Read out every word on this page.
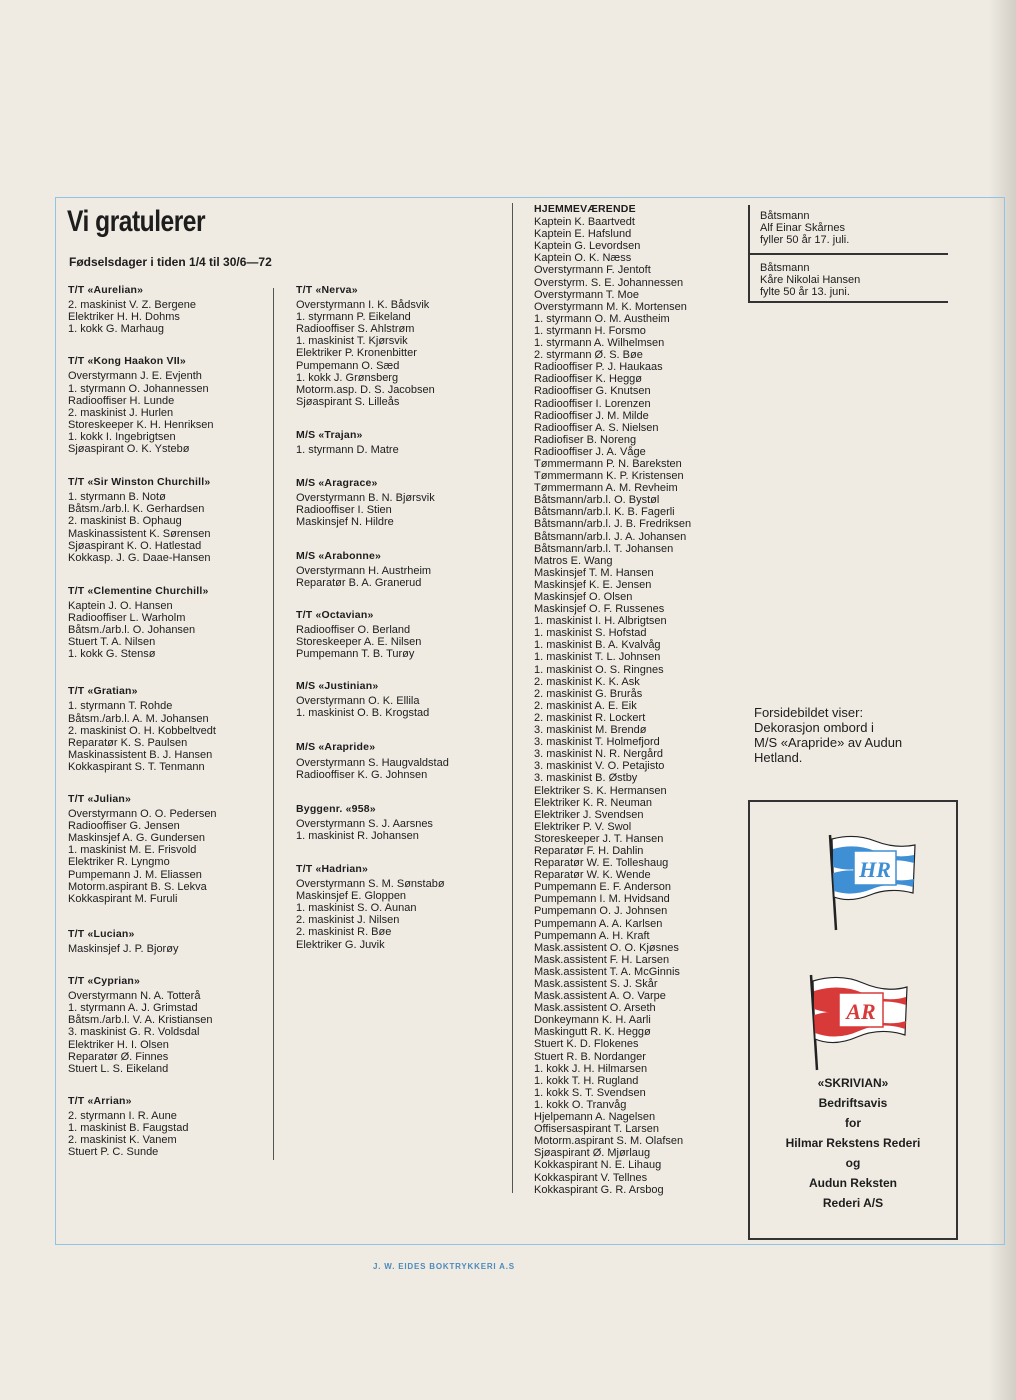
Vi gratulerer
Fødselsdager i tiden 1/4 til 30/6—72
T/T «Aurelian»
2. maskinist V. Z. Bergene
Elektriker H. H. Dohms
1. kokk G. Marhaug
T/T «Kong Haakon VII»
Overstyrmann J. E. Evjenth
1. styrmann O. Johannessen
Radiooffiser H. Lunde
2. maskinist J. Hurlen
Storeskeeper K. H. Henriksen
1. kokk I. Ingebrigtsen
Sjøaspirant O. K. Ystebø
T/T «Sir Winston Churchill»
1. styrmann B. Notø
Båtsm./arb.l. K. Gerhardsen
2. maskinist B. Ophaug
Maskinassistent K. Sørensen
Sjøaspirant K. O. Hatlestad
Kokkasp. J. G. Daae-Hansen
T/T «Clementine Churchill»
Kaptein J. O. Hansen
Radiooffiser L. Warholm
Båtsm./arb.l. O. Johansen
Stuert T. A. Nilsen
1. kokk G. Stensø
T/T «Gratian»
1. styrmann T. Rohde
Båtsm./arb.l. A. M. Johansen
2. maskinist O. H. Kobbeltvedt
Reparatør K. S. Paulsen
Maskinassistent B. J. Hansen
Kokkaspirant S. T. Tenmann
T/T «Julian»
Overstyrmann O. O. Pedersen
Radiooffiser G. Jensen
Maskinsjef A. G. Gundersen
1. maskinist M. E. Frisvold
Elektriker R. Lyngmo
Pumpemann J. M. Eliassen
Motorm.aspirant B. S. Lekva
Kokkaspirant M. Furuli
T/T «Lucian»
Maskinsjef J. P. Bjorøy
T/T «Cyprian»
Overstyrmann N. A. Totterå
1. styrmann A. J. Grimstad
Båtsm./arb.l. V. A. Kristiansen
3. maskinist G. R. Voldsdal
Elektriker H. I. Olsen
Reparatør Ø. Finnes
Stuert L. S. Eikeland
T/T «Arrian»
2. styrmann I. R. Aune
1. maskinist B. Faugstad
2. maskinist K. Vanem
Stuert P. C. Sunde
T/T «Nerva»
Overstyrmann I. K. Bådsvik
1. styrmann P. Eikeland
Radiooffiser S. Ahlstrøm
1. maskinist T. Kjørsvik
Elektriker P. Kronenbitter
Pumpemann O. Sæd
1. kokk J. Grønsberg
Motorm.asp. D. S. Jacobsen
Sjøaspirant S. Lilleås
M/S «Trajan»
1. styrmann D. Matre
M/S «Aragrace»
Overstyrmann B. N. Bjørsvik
Radiooffiser I. Stien
Maskinsjef N. Hildre
M/S «Arabonne»
Overstyrmann H. Austrheim
Reparatør B. A. Granerud
T/T «Octavian»
Radiooffiser O. Berland
Storeskeeper A. E. Nilsen
Pumpemann T. B. Turøy
M/S «Justinian»
Overstyrmann O. K. Ellila
1. maskinist O. B. Krogstad
M/S «Arapride»
Overstyrmann S. Haugvaldstad
Radiooffiser K. G. Johnsen
Byggenr. «958»
Overstyrmann S. J. Aarsnes
1. maskinist R. Johansen
T/T «Hadrian»
Overstyrmann S. M. Sønstabø
Maskinsjef E. Gloppen
1. maskinist S. O. Aunan
2. maskinist J. Nilsen
2. maskinist R. Bøe
Elektriker G. Juvik
HJEMMEVÆRENDE
Kaptein K. Baartvedt
Kaptein E. Hafslund
Kaptein G. Levordsen
Kaptein O. K. Næss
Overstyrmann F. Jentoft
Overstyrm. S. E. Johannessen
Overstyrmann T. Moe
Overstyrmann M. K. Mortensen
1. styrmann O. M. Austheim
1. styrmann H. Forsmo
1. styrmann A. Wilhelmsen
2. styrmann Ø. S. Bøe
Radiooffiser P. J. Haukaas
Radiooffiser K. Heggø
Radiooffiser G. Knutsen
Radiooffiser I. Lorenzen
Radiooffiser J. M. Milde
Radiooffiser A. S. Nielsen
Radiofiser B. Noreng
Radiooffiser J. A. Våge
Tømmermann P. N. Bareksten
Tømmermann K. P. Kristensen
Tømmermann A. M. Revheim
Båtsmann/arb.l. O. Bystøl
Båtsmann/arb.l. K. B. Fagerli
Båtsmann/arb.l. J. B. Fredriksen
Båtsmann/arb.l. J. A. Johansen
Båtsmann/arb.l. T. Johansen
Matros E. Wang
Maskinsjef T. M. Hansen
Maskinsjef K. E. Jensen
Maskinsjef O. Olsen
Maskinsjef O. F. Russenes
1. maskinist I. H. Albrigtsen
1. maskinist S. Hofstad
1. maskinist B. A. Kvalvåg
1. maskinist T. L. Johnsen
1. maskinist O. S. Ringnes
2. maskinist K. K. Ask
2. maskinist G. Brurås
2. maskinist A. E. Eik
2. maskinist R. Lockert
3. maskinist M. Brendø
3. maskinist T. Holmefjord
3. maskinist N. R. Nergård
3. maskinist V. O. Petajisto
3. maskinist B. Østby
Elektriker S. K. Hermansen
Elektriker K. R. Neuman
Elektriker J. Svendsen
Elektriker P. V. Swol
Storeskeeper J. T. Hansen
Reparatør F. H. Dahlin
Reparatør W. E. Tolleshaug
Reparatør W. K. Wende
Pumpemann E. F. Anderson
Pumpemann I. M. Hvidsand
Pumpemann O. J. Johnsen
Pumpemann A. A. Karlsen
Pumpemann A. H. Kraft
Mask.assistent O. O. Kjøsnes
Mask.assistent F. H. Larsen
Mask.assistent T. A. McGinnis
Mask.assistent S. J. Skår
Mask.assistent A. O. Varpe
Mask.assistent O. Arseth
Donkeymann K. H. Aarli
Maskingutt R. K. Heggø
Stuert K. D. Flokenes
Stuert R. B. Nordanger
1. kokk J. H. Hilmarsen
1. kokk T. H. Rugland
1. kokk S. T. Svendsen
1. kokk O. Tranvåg
Hjelpemann A. Nagelsen
Offisersaspirant T. Larsen
Motorm.aspirant S. M. Olafsen
Sjøaspirant Ø. Mjørlaug
Kokkaspirant N. E. Lihaug
Kokkaspirant V. Tellnes
Kokkaspirant G. R. Arsbog
Båtsmann
Alf Einar Skårnes
fyller 50 år 17. juli.
Båtsmann
Kåre Nikolai Hansen
fylte 50 år 13. juni.
Forsidebildet viser:
Dekorasjon ombord i
M/S «Arapride» av Audun
Hetland.
HR
AR
«SKRIVIAN»
Bedriftsavis
for
Hilmar Rekstens Rederi
og
Audun Reksten
Rederi A/S
J. W. EIDES BOKTRYKKERI A.S
